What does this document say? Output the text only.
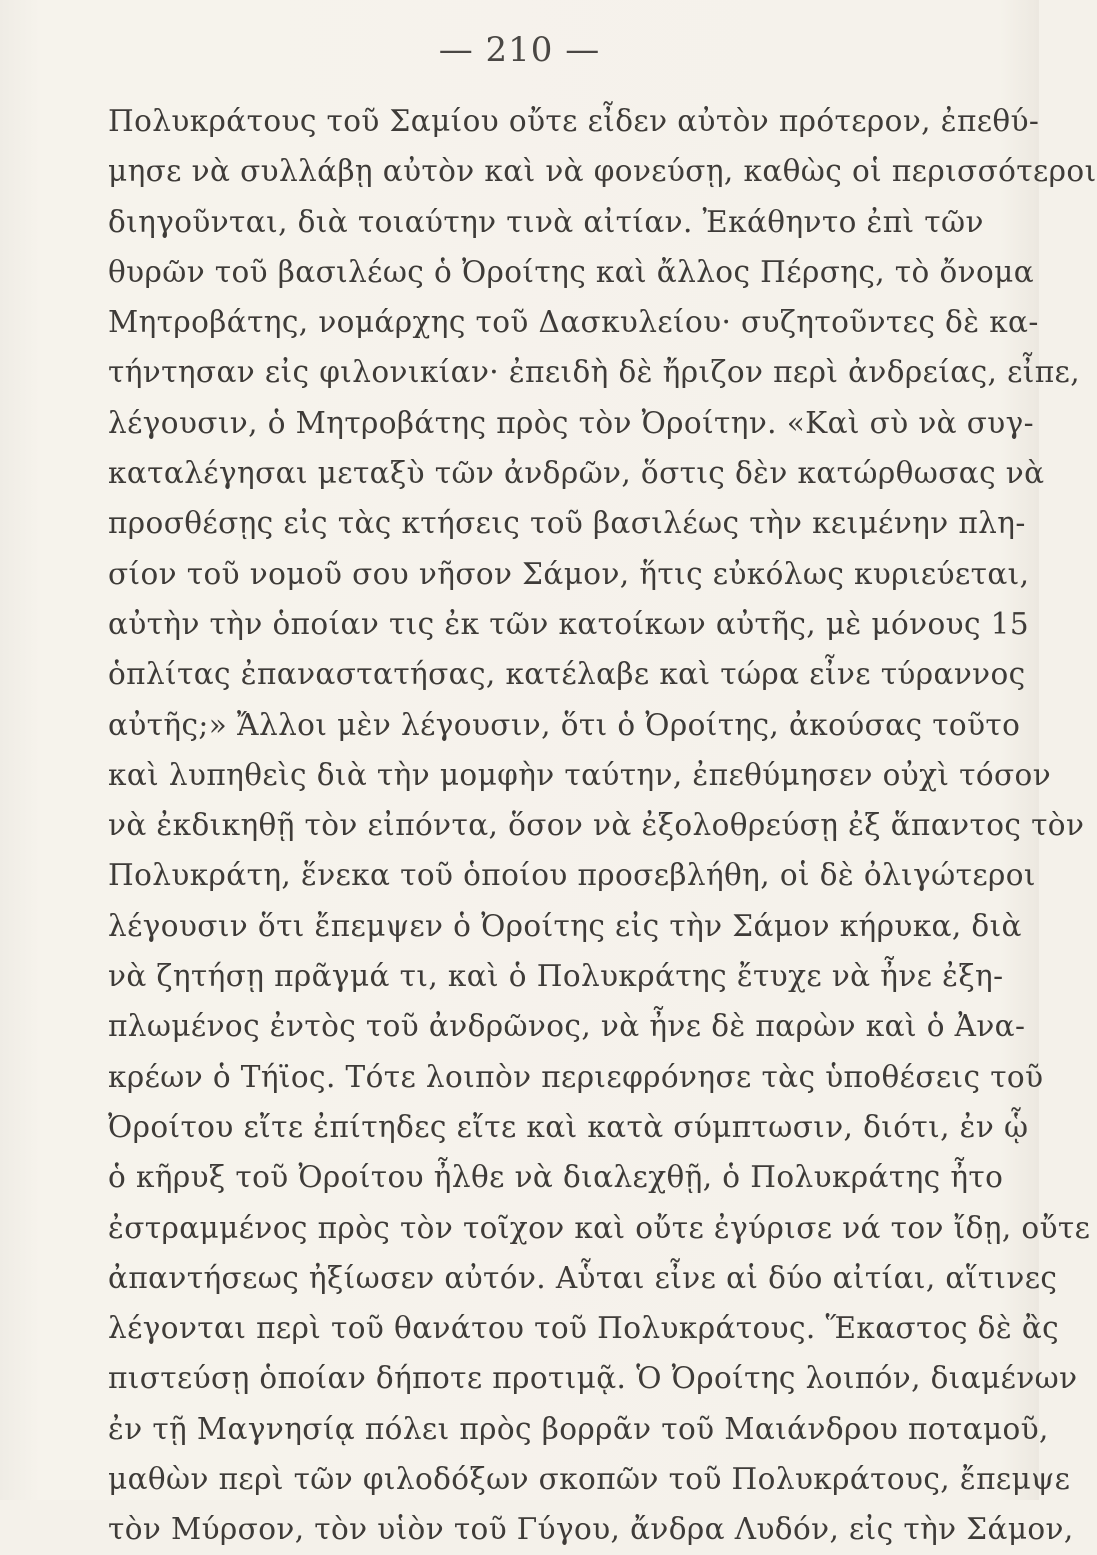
— 210 —
Πολυκράτους τοῦ Σαμίου οὔτε εἶδεν αὐτὸν πρότερον, ἐπεθύ-
μησε νὰ συλλάβῃ αὐτὸν καὶ νὰ φονεύσῃ, καθὼς οἱ περισσότεροι
διηγοῦνται, διὰ τοιαύτην τινὰ αἰτίαν. Ἐκάθηντο ἐπὶ τῶν
θυρῶν τοῦ βασιλέως ὁ Ὀροίτης καὶ ἄλλος Πέρσης, τὸ ὄνομα
Μητροβάτης, νομάρχης τοῦ Δασκυλείου· συζητοῦντες δὲ κα-
τήντησαν εἰς φιλονικίαν· ἐπειδὴ δὲ ἤριζον περὶ ἀνδρείας, εἶπε,
λέγουσιν, ὁ Μητροβάτης πρὸς τὸν Ὀροίτην. «Καὶ σὺ νὰ συγ-
καταλέγησαι μεταξὺ τῶν ἀνδρῶν, ὅστις δὲν κατώρθωσας νὰ
προσθέσῃς εἰς τὰς κτήσεις τοῦ βασιλέως τὴν κειμένην πλη-
σίον τοῦ νομοῦ σου νῆσον Σάμον, ἥτις εὐκόλως κυριεύεται,
αὐτὴν τὴν ὁποίαν τις ἐκ τῶν κατοίκων αὐτῆς, μὲ μόνους 15
ὁπλίτας ἐπαναστατήσας, κατέλαβε καὶ τώρα εἶνε τύραννος
αὐτῆς;» Ἄλλοι μὲν λέγουσιν, ὅτι ὁ Ὀροίτης, ἀκούσας τοῦτο
καὶ λυπηθεὶς διὰ τὴν μομφὴν ταύτην, ἐπεθύμησεν οὐχὶ τόσον
νὰ ἐκδικηθῇ τὸν εἰπόντα, ὅσον νὰ ἐξολοθρεύσῃ ἐξ ἅπαντος τὸν
Πολυκράτη, ἕνεκα τοῦ ὁποίου προσεβλήθη, οἱ δὲ ὀλιγώτεροι
λέγουσιν ὅτι ἔπεμψεν ὁ Ὀροίτης εἰς τὴν Σάμον κήρυκα, διὰ
νὰ ζητήσῃ πρᾶγμά τι, καὶ ὁ Πολυκράτης ἔτυχε νὰ ἦνε ἐξη-
πλωμένος ἐντὸς τοῦ ἀνδρῶνος, νὰ ἦνε δὲ παρὼν καὶ ὁ Ἀνα-
κρέων ὁ Τήϊος. Τότε λοιπὸν περιεφρόνησε τὰς ὑποθέσεις τοῦ
Ὀροίτου εἴτε ἐπίτηδες εἴτε καὶ κατὰ σύμπτωσιν, διότι, ἐν ᾧ
ὁ κῆρυξ τοῦ Ὀροίτου ἦλθε νὰ διαλεχθῇ, ὁ Πολυκράτης ἦτο
ἐστραμμένος πρὸς τὸν τοῖχον καὶ οὔτε ἐγύρισε νά τον ἴδῃ, οὔτε
ἀπαντήσεως ἠξίωσεν αὐτόν. Αὗται εἶνε αἱ δύο αἰτίαι, αἵτινες
λέγονται περὶ τοῦ θανάτου τοῦ Πολυκράτους. Ἕκαστος δὲ ἂς
πιστεύσῃ ὁποίαν δήποτε προτιμᾷ. Ὁ Ὀροίτης λοιπόν, διαμένων
ἐν τῇ Μαγνησίᾳ πόλει πρὸς βορρᾶν τοῦ Μαιάνδρου ποταμοῦ,
μαθὼν περὶ τῶν φιλοδόξων σκοπῶν τοῦ Πολυκράτους, ἔπεμψε
τὸν Μύρσον, τὸν υἱὸν τοῦ Γύγου, ἄνδρα Λυδόν, εἰς τὴν Σάμον,
